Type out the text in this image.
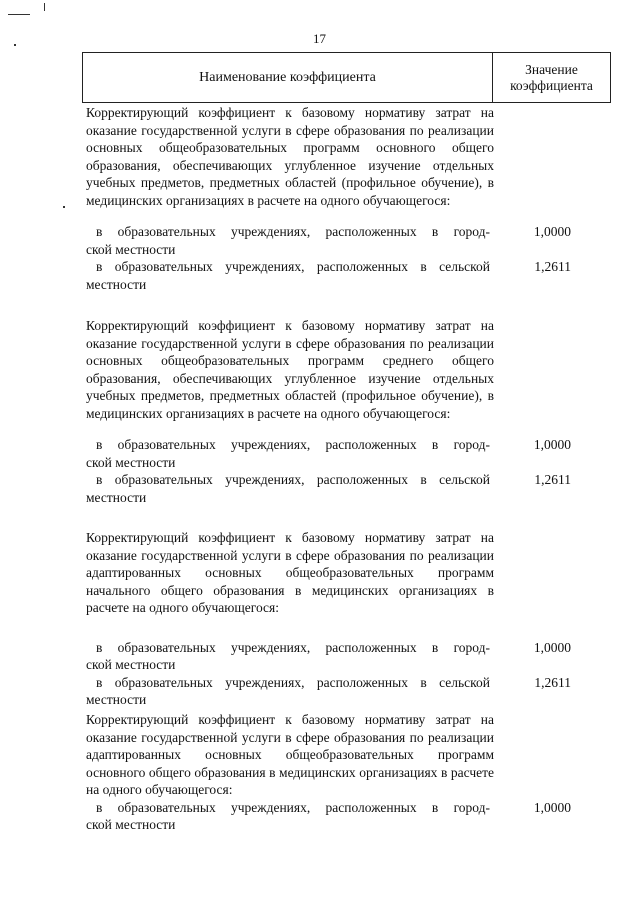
17
Наименование коэффициента
Значение
коэффициента
Корректирующий коэффициент к базовому нормативу затрат на оказание государственной услуги в сфере образования по реализации основных общеобразовательных программ основного общего образования, обеспечивающих углубленное изучение отдельных учебных предметов, предметных областей (профильное обучение), в медицинских организациях в расчете на одного обучающегося:
в образовательных учреждениях, расположенных в город-
ской местности
1,0000
в образовательных учреждениях, расположенных в сельской
местности
1,2611
Корректирующий коэффициент к базовому нормативу затрат на оказание государственной услуги в сфере образования по реализации основных общеобразовательных программ среднего общего образования, обеспечивающих углубленное изучение отдельных учебных предметов, предметных областей (профильное обучение), в медицинских организациях в расчете на одного обучающегося:
в образовательных учреждениях, расположенных в город-
ской местности
1,0000
в образовательных учреждениях, расположенных в сельской
местности
1,2611
Корректирующий коэффициент к базовому нормативу затрат на оказание государственной услуги в сфере образования по реализации адаптированных основных общеобразовательных программ начального общего образования в медицинских организациях в расчете на одного обучающегося:
в образовательных учреждениях, расположенных в город-
ской местности
1,0000
в образовательных учреждениях, расположенных в сельской
местности
1,2611
Корректирующий коэффициент к базовому нормативу затрат на оказание государственной услуги в сфере образования по реализации адаптированных основных общеобразовательных программ основного общего образования в медицинских организациях в расчете на одного обучающегося:
в образовательных учреждениях, расположенных в город-
ской местности
1,0000
